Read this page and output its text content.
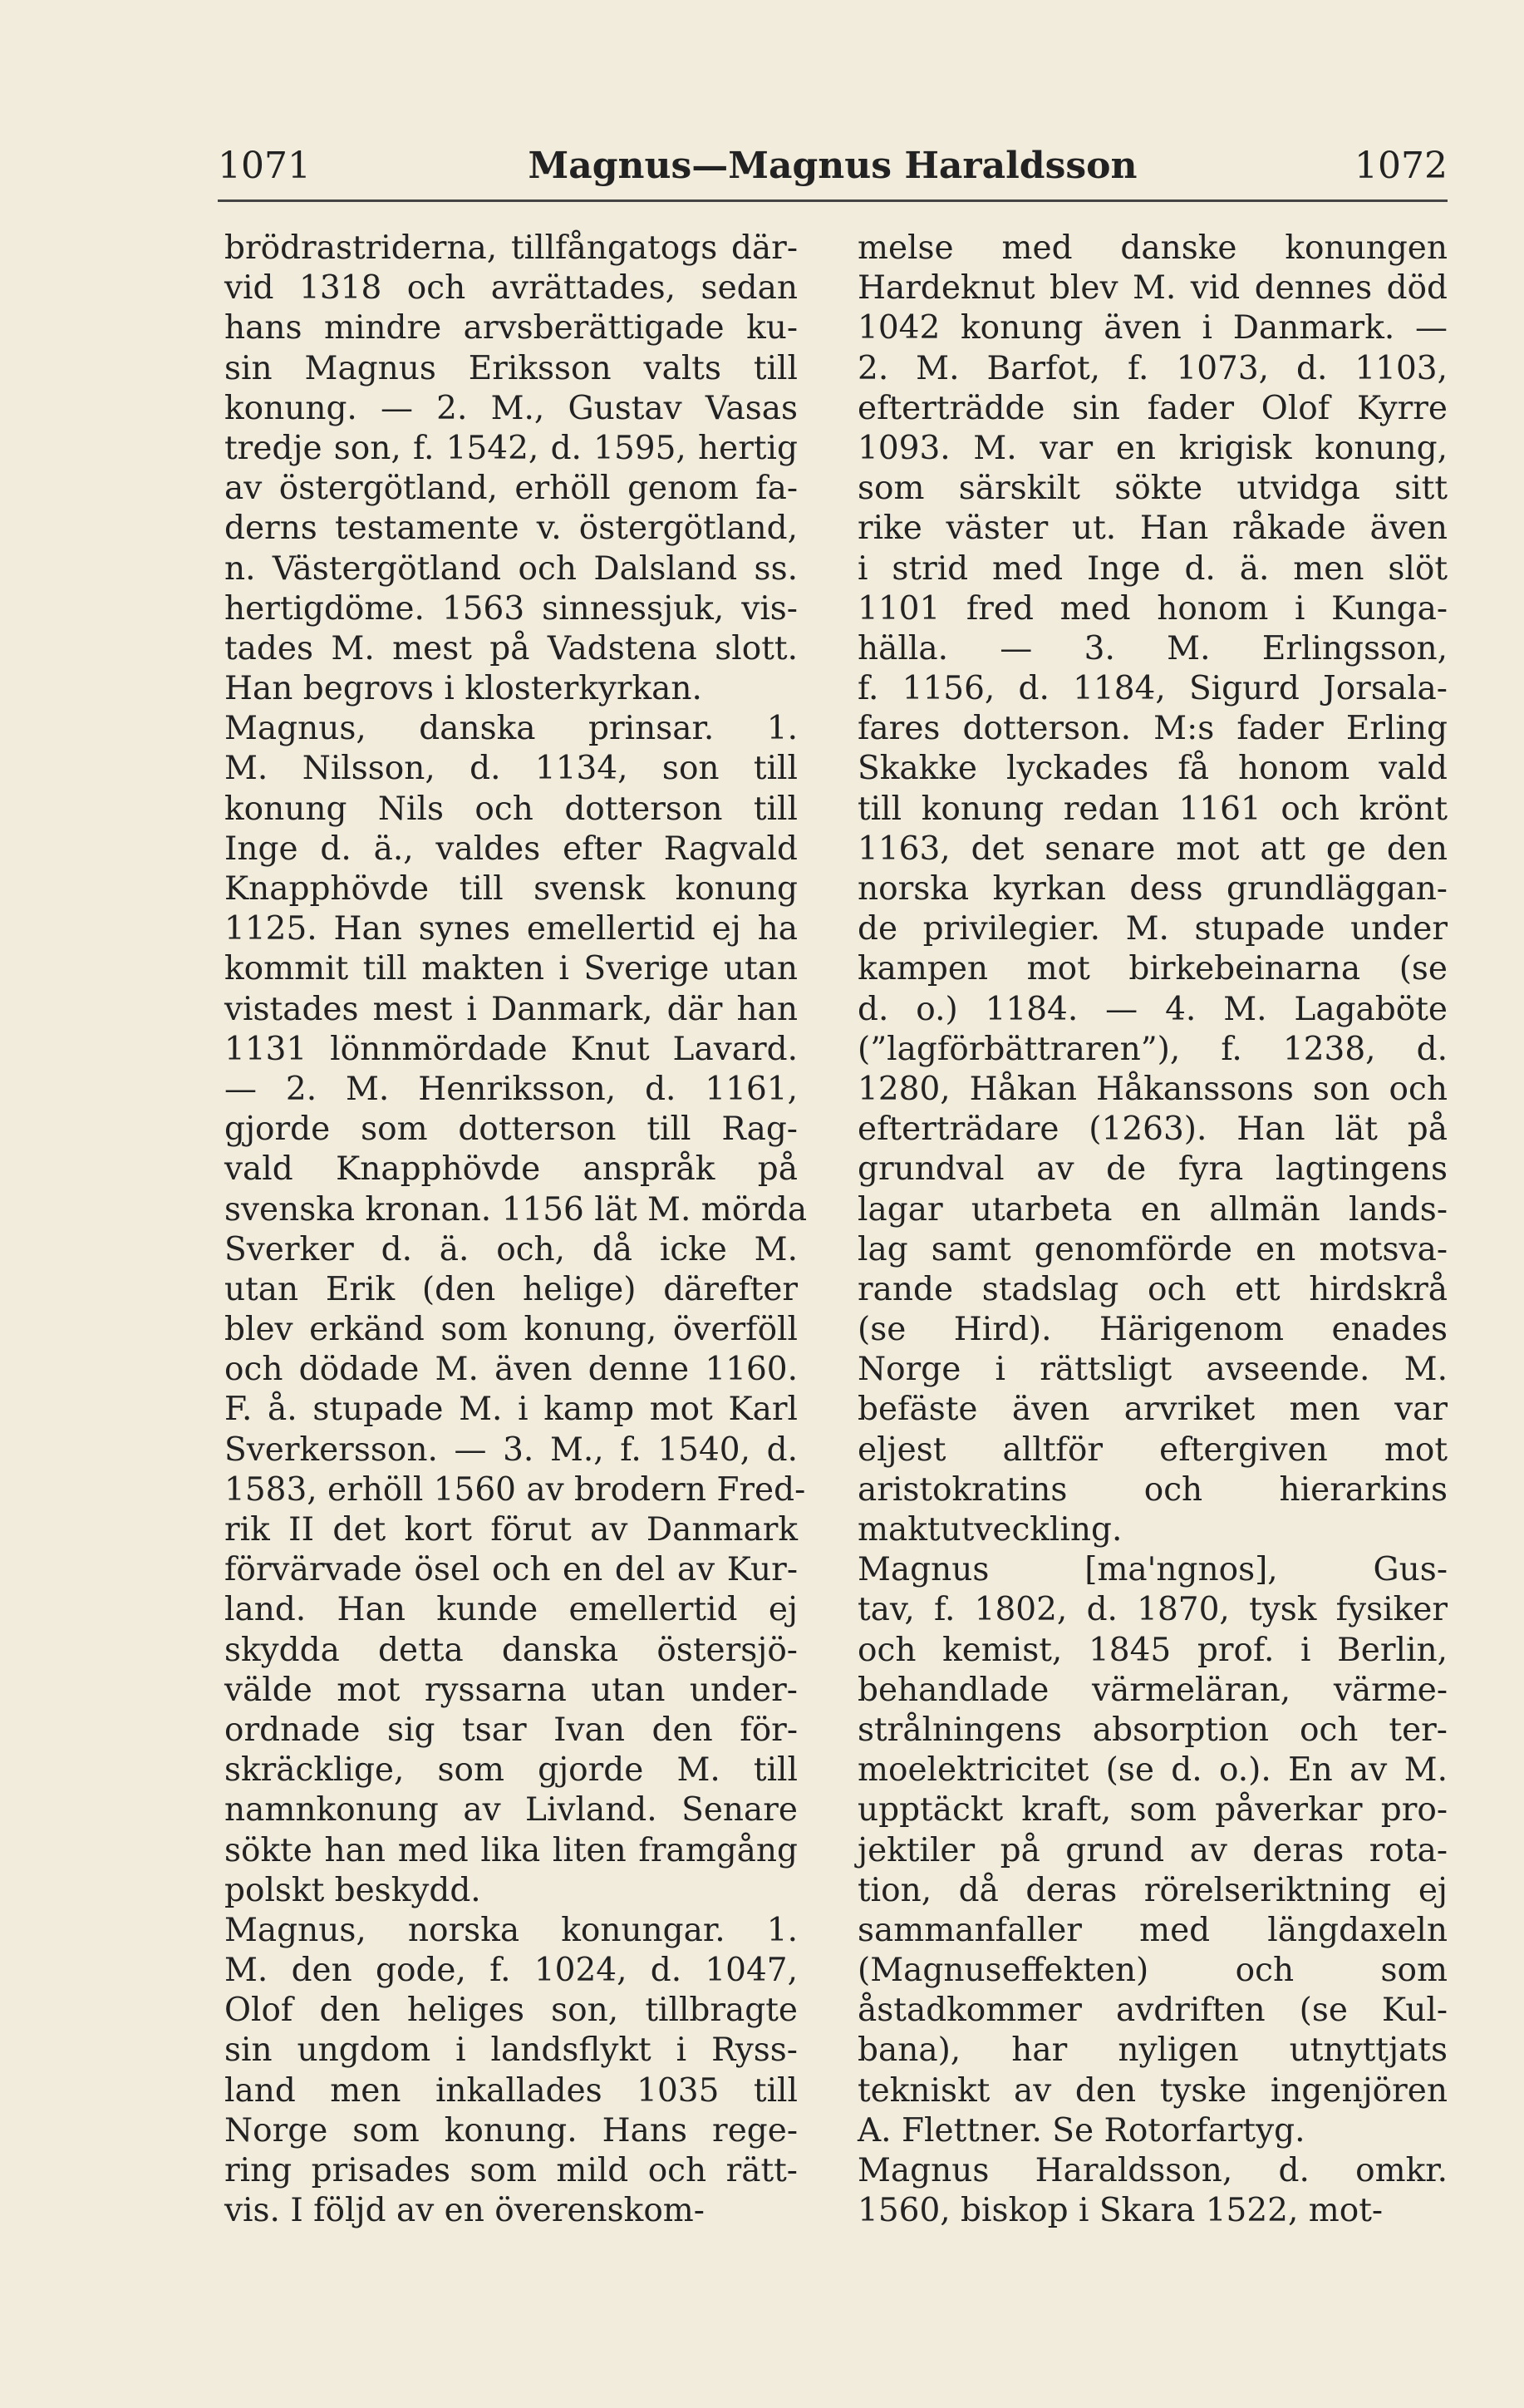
1071	Magnus—Magnus Haraldsson	1072
brödrastriderna, tillfångatogs där-
vid 1318 och avrättades, sedan
hans mindre arvsberättigade ku-
sin Magnus Eriksson valts till
konung. — 2. M., Gustav Vasas
tredje son, f. 1542, d. 1595, hertig
av östergötland, erhöll genom fa-
derns testamente v. östergötland,
n. Västergötland och Dalsland ss.
hertigdöme. 1563 sinnessjuk, vis-
tades M. mest på Vadstena slott.
Han begrovs i klosterkyrkan.
Magnus, danska prinsar. 1.
M. Nilsson, d. 1134, son till
konung Nils och dotterson till
Inge d. ä., valdes efter Ragvald
Knapphövde till svensk konung
1125. Han synes emellertid ej ha
kommit till makten i Sverige utan
vistades mest i Danmark, där han
1131 lönnmördade Knut Lavard.
— 2. M. Henriksson, d. 1161,
gjorde som dotterson till Rag-
vald Knapphövde anspråk på
svenska kronan. 1156 lät M. mörda
Sverker d. ä. och, då icke M.
utan Erik (den helige) därefter
blev erkänd som konung, överföll
och dödade M. även denne 1160.
F. å. stupade M. i kamp mot Karl
Sverkersson. — 3. M., f. 1540, d.
1583, erhöll 1560 av brodern Fred-
rik II det kort förut av Danmark
förvärvade ösel och en del av Kur-
land. Han kunde emellertid ej
skydda detta danska östersjö-
välde mot ryssarna utan under-
ordnade sig tsar Ivan den för-
skräcklige, som gjorde M. till
namnkonung av Livland. Senare
sökte han med lika liten framgång
polskt beskydd.
Magnus, norska konungar. 1.
M. den gode, f. 1024, d. 1047,
Olof den heliges son, tillbragte
sin ungdom i landsflykt i Ryss-
land men inkallades 1035 till
Norge som konung. Hans rege-
ring prisades som mild och rätt-
vis. I följd av en överenskom-
melse med danske konungen
Hardeknut blev M. vid dennes död
1042 konung även i Danmark. —
2. M. Barfot, f. 1073, d. 1103,
efterträdde sin fader Olof Kyrre
1093. M. var en krigisk konung,
som särskilt sökte utvidga sitt
rike väster ut. Han råkade även
i strid med Inge d. ä. men slöt
1101 fred med honom i Kunga-
hälla. — 3. M. Erlingsson,
f. 1156, d. 1184, Sigurd Jorsala-
fares dotterson. M:s fader Erling
Skakke lyckades få honom vald
till konung redan 1161 och krönt
1163, det senare mot att ge den
norska kyrkan dess grundläggan-
de privilegier. M. stupade under
kampen mot birkebeinarna (se
d. o.) 1184. — 4. M. Lagaböte
(”lagförbättraren”), f. 1238, d.
1280, Håkan Håkanssons son och
efterträdare (1263). Han lät på
grundval av de fyra lagtingens
lagar utarbeta en allmän lands-
lag samt genomförde en motsva-
rande stadslag och ett hirdskrå
(se Hird). Härigenom enades
Norge i rättsligt avseende. M.
befäste även arvriket men var
eljest alltför eftergiven mot
aristokratins och hierarkins
maktutveckling.
Magnus [ma'ngnos], Gus-
tav, f. 1802, d. 1870, tysk fysiker
och kemist, 1845 prof. i Berlin,
behandlade värmeläran, värme-
strålningens absorption och ter-
moelektricitet (se d. o.). En av M.
upptäckt kraft, som påverkar pro-
jektiler på grund av deras rota-
tion, då deras rörelseriktning ej
sammanfaller med längdaxeln
(Magnuseffekten) och som
åstadkommer avdriften (se Kul-
bana), har nyligen utnyttjats
tekniskt av den tyske ingenjören
A. Flettner. Se Rotorfartyg.
Magnus Haraldsson, d. omkr.
1560, biskop i Skara 1522, mot-
